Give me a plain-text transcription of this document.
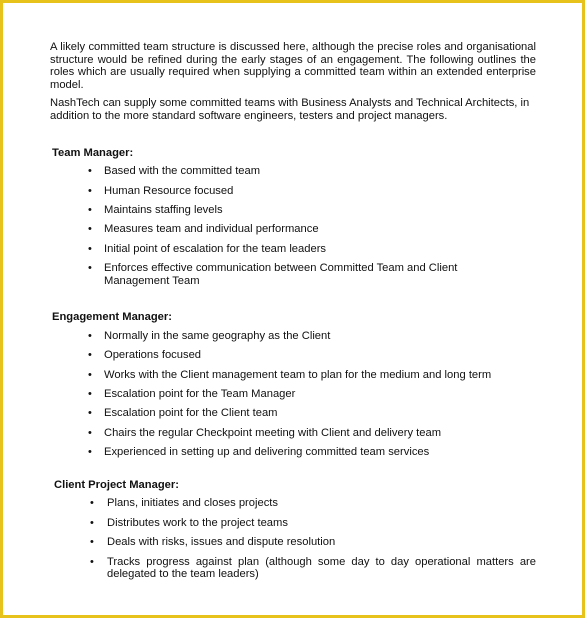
A likely committed team structure is discussed here, although the precise roles and organisational structure would be refined during the early stages of an engagement. The following outlines the roles which are usually required when supplying a committed team within an extended enterprise model.

NashTech can supply some committed teams with Business Analysts and Technical Architects, in addition to the more standard software engineers, testers and project managers.

Team Manager:

• Based with the committed team
• Human Resource focused
• Maintains staffing levels
• Measures team and individual performance
• Initial point of escalation for the team leaders
• Enforces effective communication between Committed Team and Client Management Team

Engagement Manager:

• Normally in the same geography as the Client
• Operations focused
• Works with the Client management team to plan for the medium and long term
• Escalation point for the Team Manager
• Escalation point for the Client team
• Chairs the regular Checkpoint meeting with Client and delivery team
• Experienced in setting up and delivering committed team services

Client Project Manager:

• Plans, initiates and closes projects
• Distributes work to the project teams
• Deals with risks, issues and dispute resolution
• Tracks progress against plan (although some day to day operational matters are delegated to the team leaders)
